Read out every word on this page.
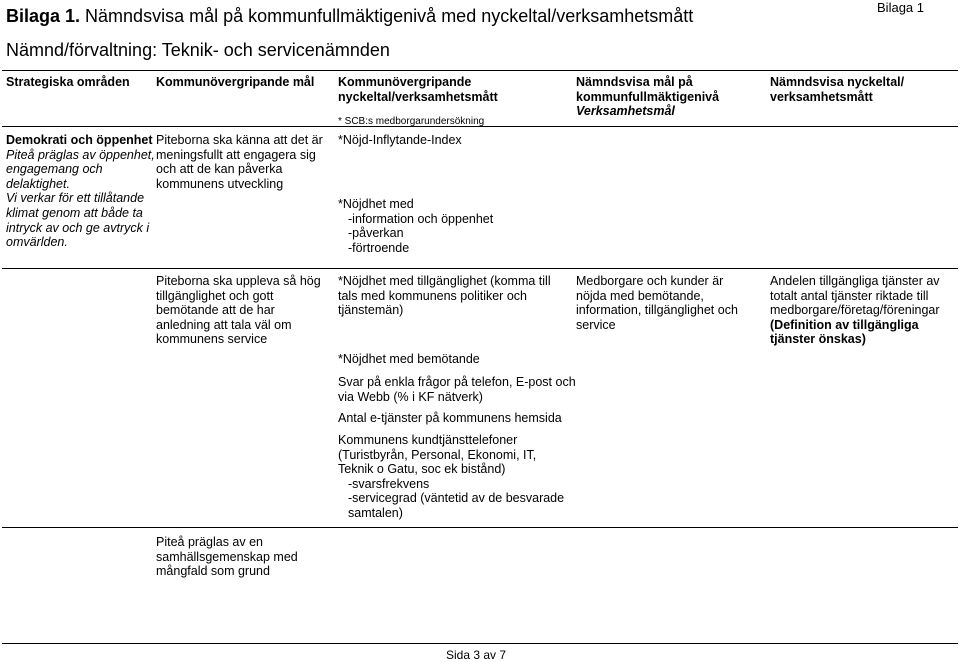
Bilaga 1
Bilaga 1. Nämndsvisa mål på kommunfullmäktigenivå med nyckeltal/verksamhetsmått
Nämnd/förvaltning: Teknik- och servicenämnden
Strategiska områden	Kommunövergripande mål	Kommunövergripande
nyckeltal/verksamhetsmått
* SCB:s medborgarundersökning
Nämndsvisa mål på
kommunfullmäktigenivå
Verksamhetsmål
Nämndsvisa nyckeltal/
verksamhetsmått
Demokrati och öppenhet
Piteå präglas av öppenhet, engagemang och delaktighet.
Vi verkar för ett tillåtande klimat genom att både ta intryck av och ge avtryck i omvärlden.
Piteborna ska känna att det är meningsfullt att engagera sig och att de kan påverka kommunens utveckling
*Nöjd-Inflytande-Index
*Nöjdhet med
-information och öppenhet
-påverkan
-förtroende
Piteborna ska uppleva så hög tillgänglighet och gott bemötande att de har anledning att tala väl om kommunens service
*Nöjdhet med tillgänglighet (komma till tals med kommunens politiker och tjänstemän)
*Nöjdhet med bemötande
Svar på enkla frågor på telefon, E-post och via Webb (% i KF nätverk)
Antal e-tjänster på kommunens hemsida
Kommunens kundtjänsttelefoner (Turistbyrån, Personal, Ekonomi, IT, Teknik o Gatu, soc ek bistånd)
-svarsfrekvens
-servicegrad (väntetid av de besvarade samtalen)
Medborgare och kunder är nöjda med bemötande, information, tillgänglighet och service
Andelen tillgängliga tjänster av totalt antal tjänster riktade till medborgare/företag/föreningar
(Definition av tillgängliga tjänster önskas)
Piteå präglas av en samhällsgemenskap med mångfald som grund
Sida 3 av 7
